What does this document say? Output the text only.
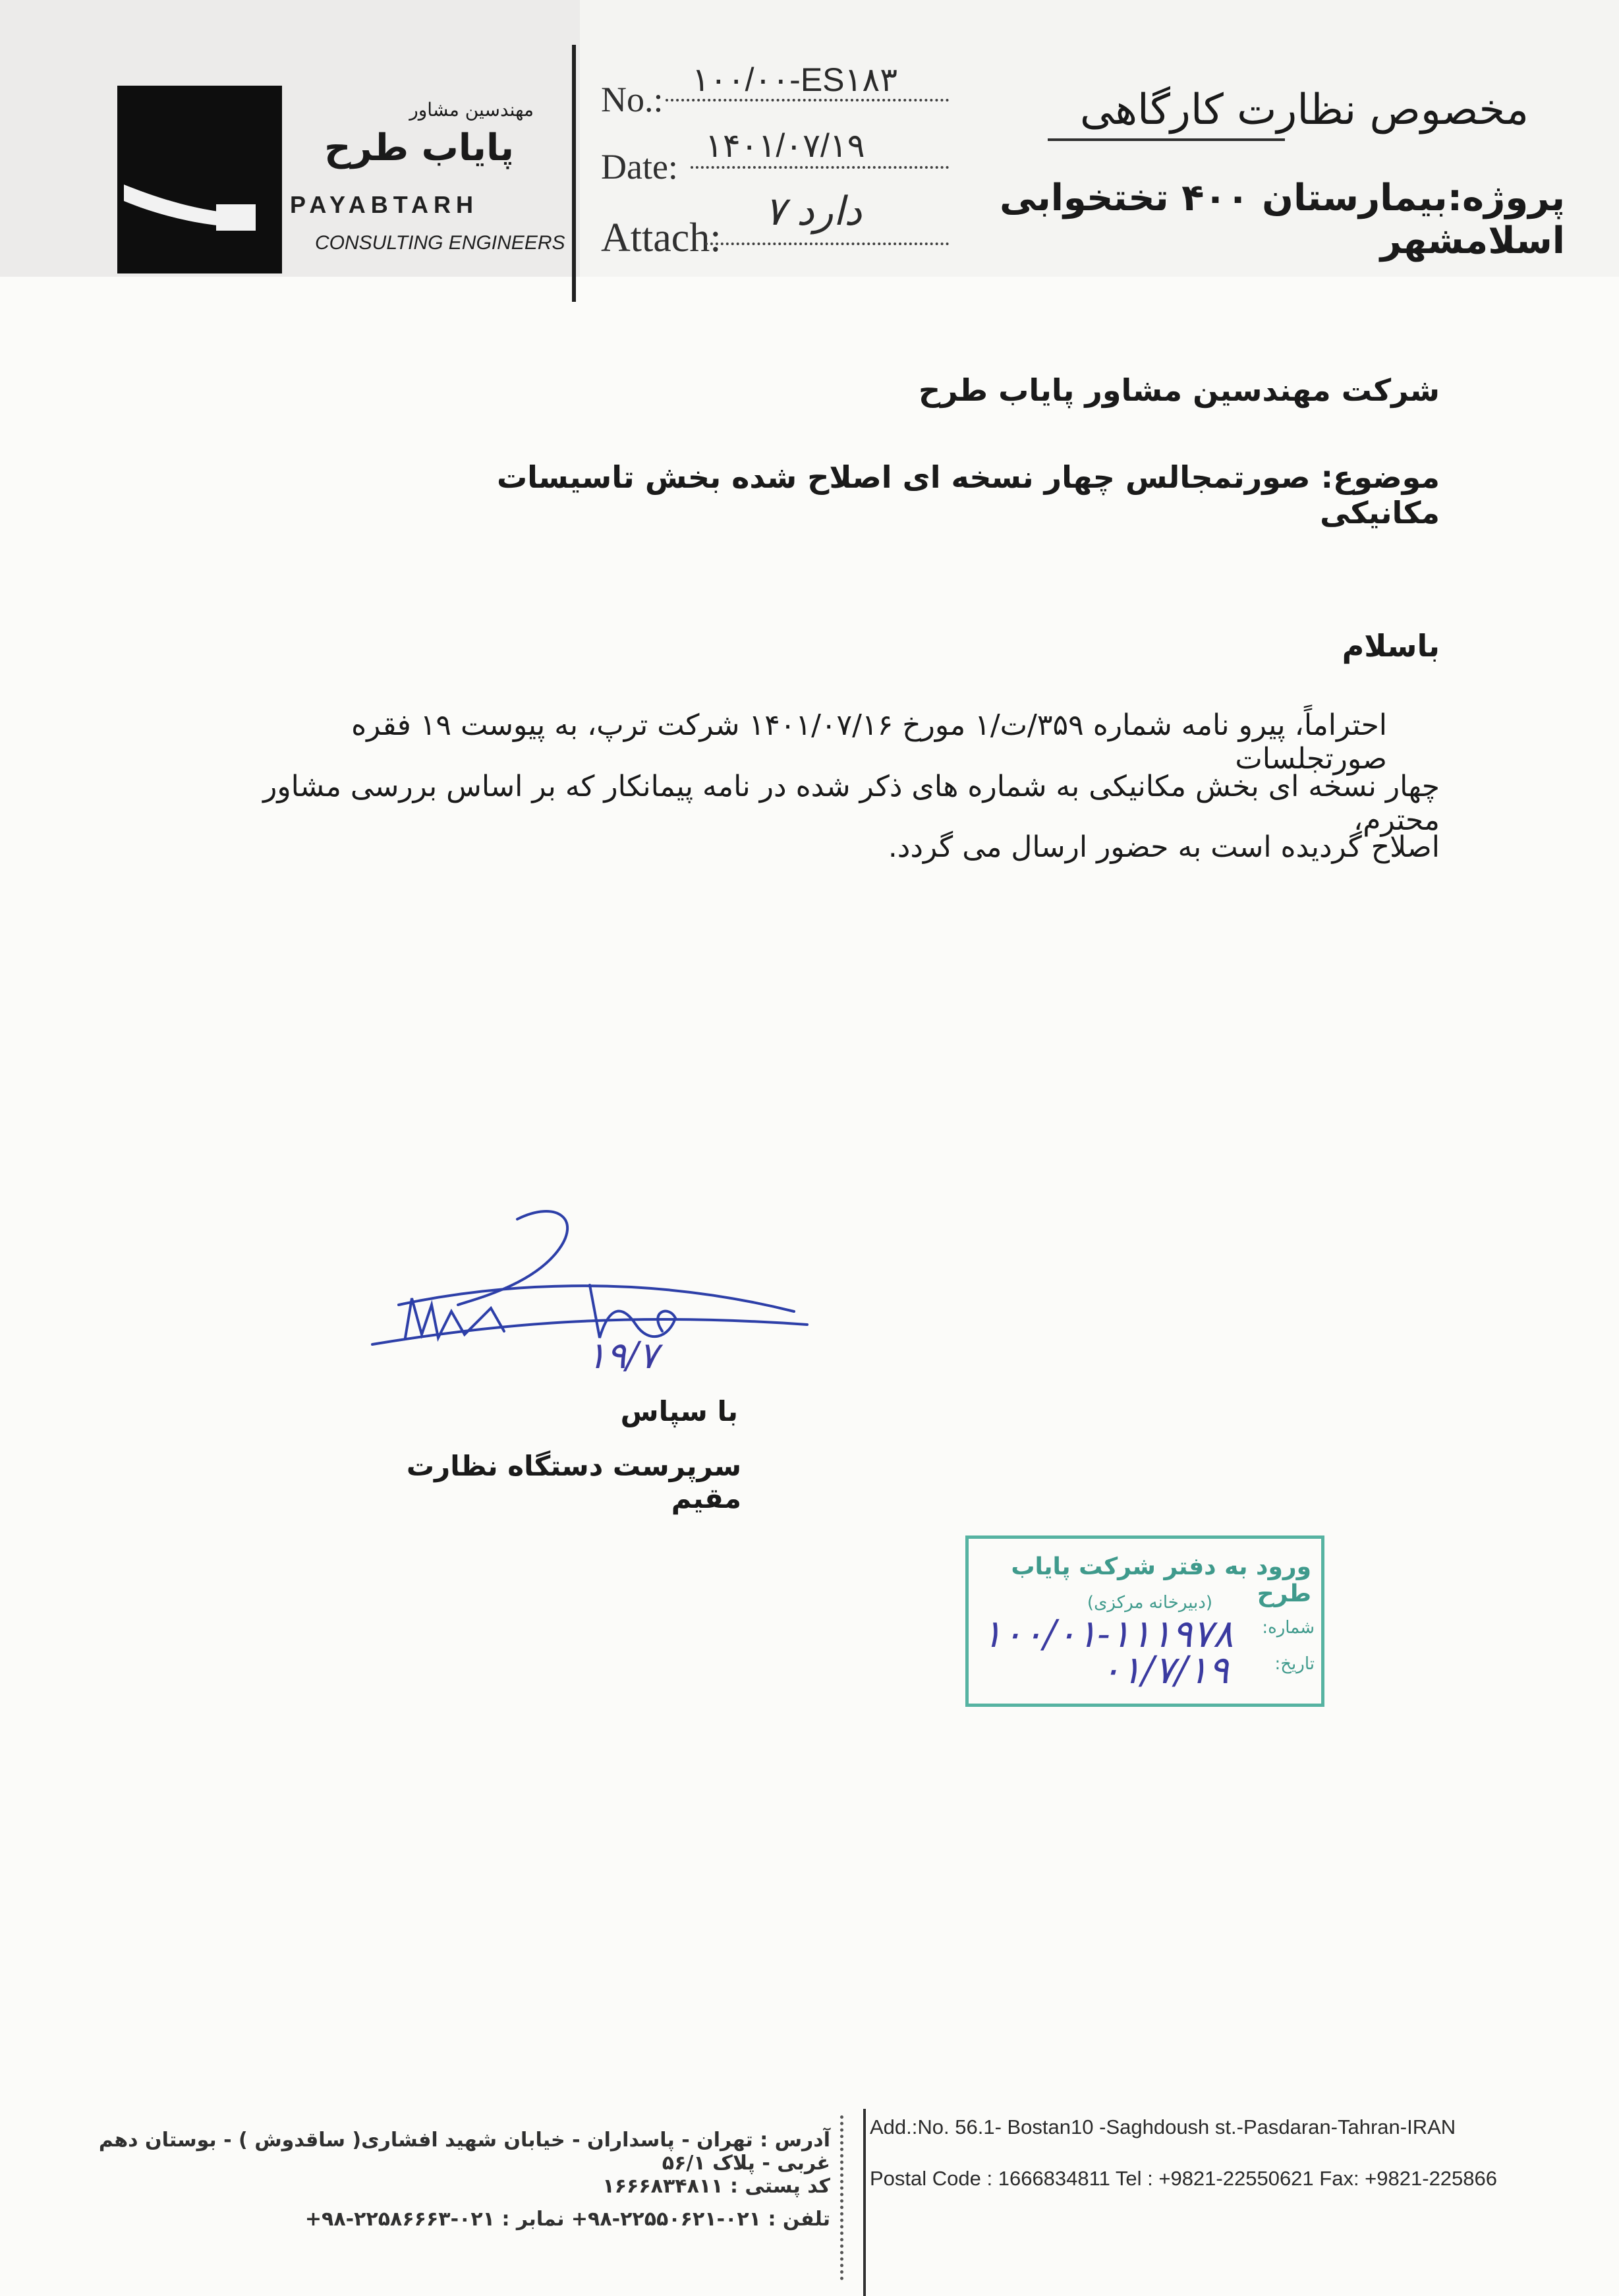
مهندسین مشاور
پایاب طرح
PAYABTARH
CONSULTING ENGINEERS
No.: ۱۰۰/۰۰-ES۱۸۳
Date:
۱۴۰۱/۰۷/۱۹
Attach:
دارد ۷
مخصوص نظارت کارگاهی
پروژه:بیمارستان ۴۰۰ تختخوابی اسلامشهر
شرکت مهندسین مشاور پایاب طرح
موضوع: صورتمجالس چهار نسخه ای اصلاح شده بخش تاسیسات مکانیکی
باسلام
احتراماً، پیرو نامه شماره ۳۵۹/ت/۱ مورخ ۱۴۰۱/۰۷/۱۶ شرکت ترپ، به پیوست ۱۹ فقره صورتجلسات
چهار نسخه ای بخش مکانیکی به شماره های ذکر شده در نامه پیمانکار که بر اساس بررسی مشاور محترم،
اصلاح گردیده است به حضور ارسال می گردد.
۱۹/۷
با سپاس
سرپرست دستگاه نظارت مقیم
ورود به دفتر شرکت پایاب طرح
(دبیرخانه مرکزی)
شماره:
تاریخ:
۱۰۰/۰۱-۱۱۱۹۷۸
۰۱/۷/۱۹
آدرس : تهران - پاسداران - خیابان شهید افشاری( ساقدوش ) - بوستان دهم غربی - پلاک ۵۶/۱
کد پستی : ۱۶۶۶۸۳۴۸۱۱
تلفن : ۰۲۱-۲۲۵۵۰۶۲۱-۹۸+ نمابر : ۰۲۱-۲۲۵۸۶۶۶۳-۹۸+
Add.:No. 56.1- Bostan10 -Saghdoush st.-Pasdaran-Tahran-IRAN
Postal Code : 1666834811 Tel : +9821-22550621 Fax: +9821-225866
